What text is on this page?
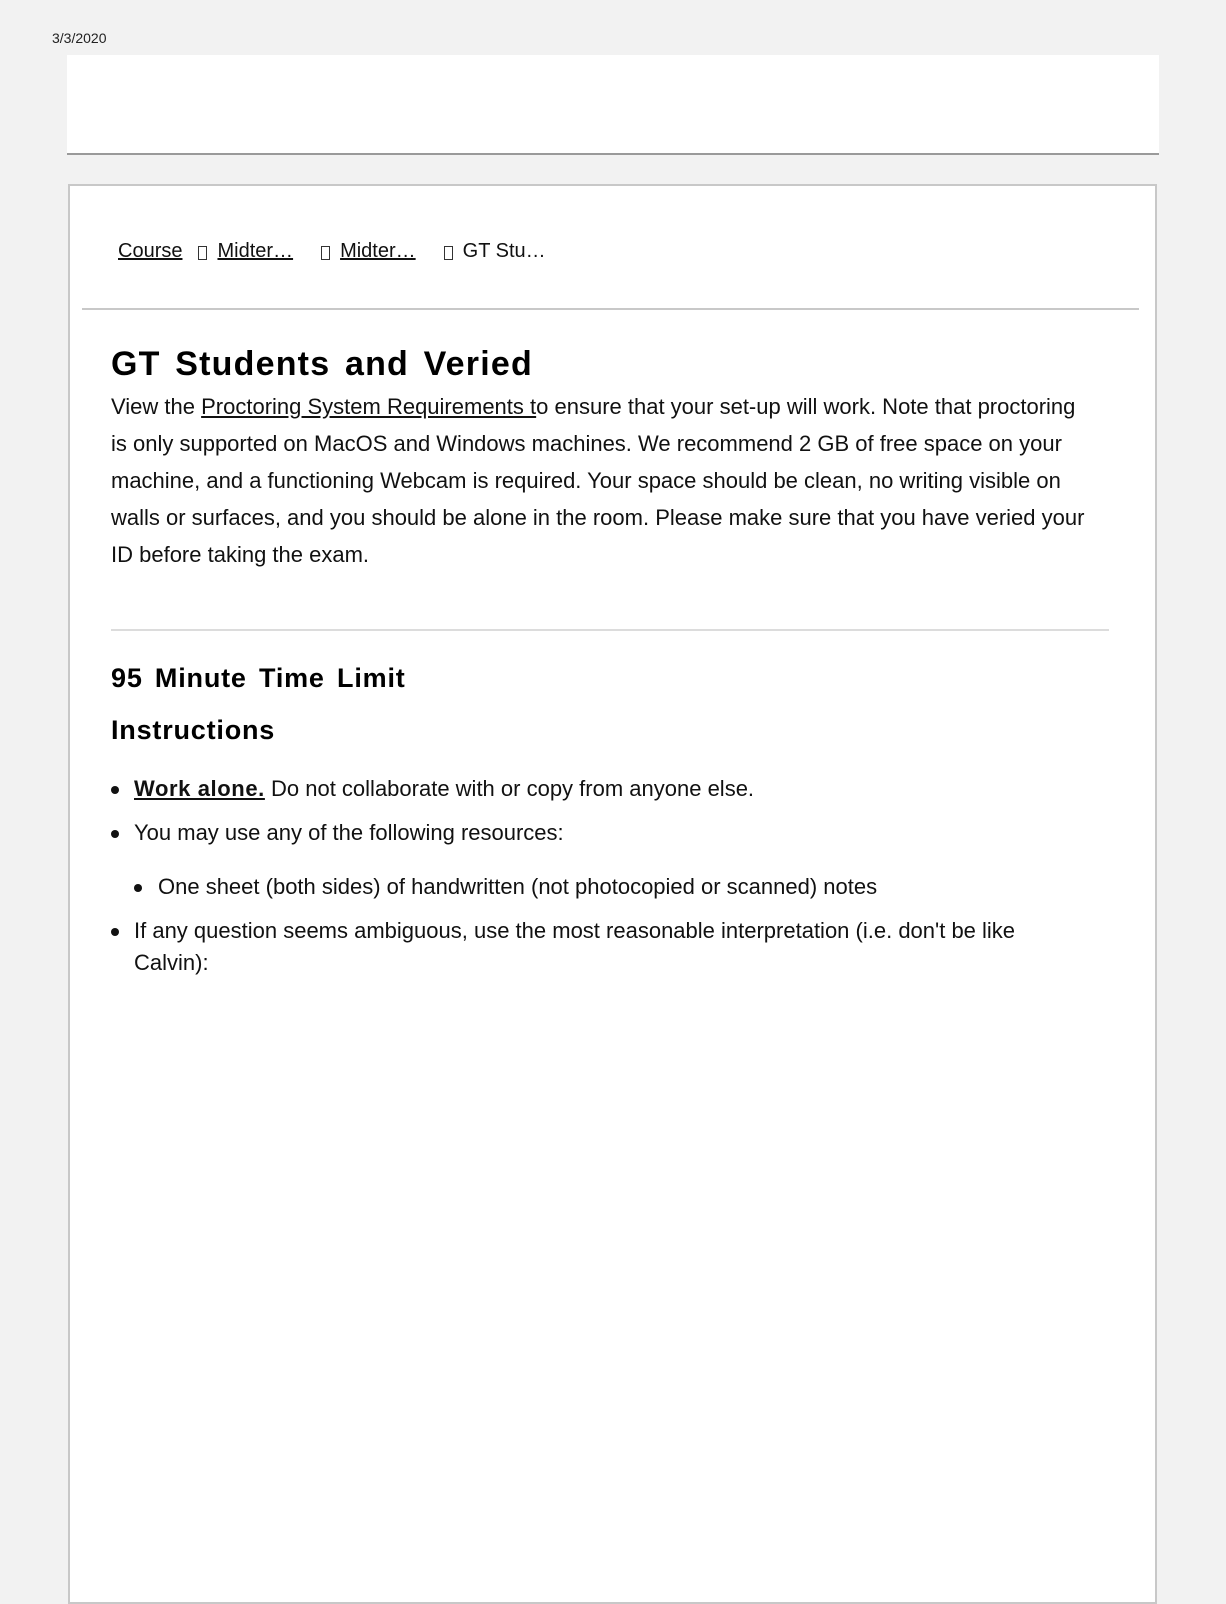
3/3/2020
Course Midter… Midter… GT Stu…
GT Students and Veried

View the Proctoring System Requirements to ensure that your set-up will work. Note that proctoring is only supported on MacOS and Windows machines. We recommend 2 GB of free space on your machine, and a functioning Webcam is required. Your space should be clean, no writing visible on walls or surfaces, and you should be alone in the room. Please make sure that you have veried your ID before taking the exam.

95 Minute Time Limit
Instructions
Work alone. Do not collaborate with or copy from anyone else.
You may use any of the following resources:
One sheet (both sides) of handwritten (not photocopied or scanned) notes
If any question seems ambiguous, use the most reasonable interpretation (i.e. don't be like Calvin):
